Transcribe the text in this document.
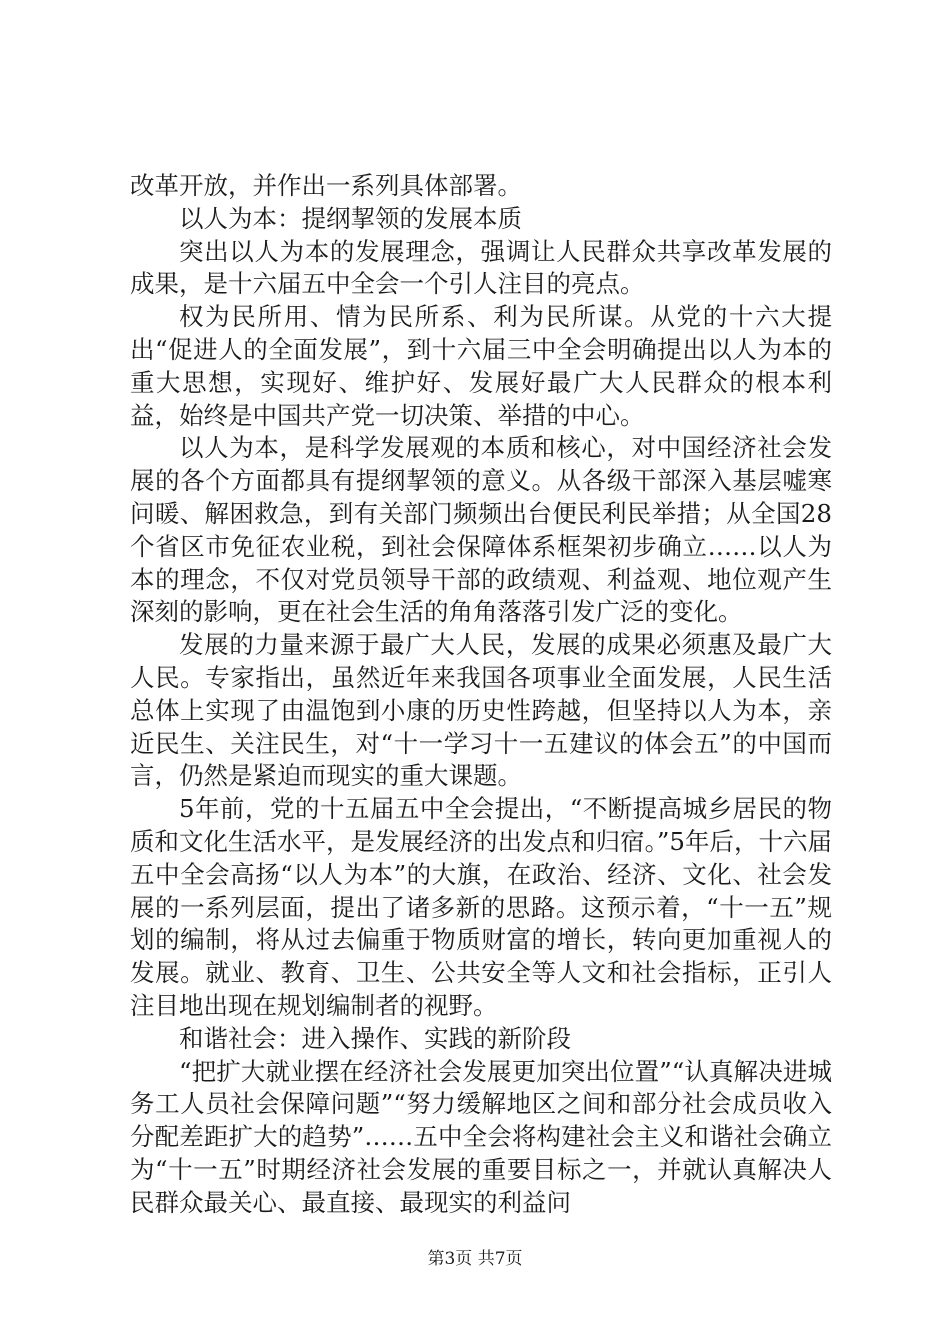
改革开放，并作出一系列具体部署。

以人为本：提纲挈领的发展本质

突出以人为本的发展理念，强调让人民群众共享改革发展的成果，是十六届五中全会一个引人注目的亮点。

权为民所用、情为民所系、利为民所谋。从党的十六大提出“促进人的全面发展”，到十六届三中全会明确提出以人为本的重大思想，实现好、维护好、发展好最广大人民群众的根本利益，始终是中国共产党一切决策、举措的中心。

以人为本，是科学发展观的本质和核心，对中国经济社会发展的各个方面都具有提纲挈领的意义。从各级干部深入基层嘘寒问暖、解困救急，到有关部门频频出台便民利民举措；从全国28个省区市免征农业税，到社会保障体系框架初步确立……以人为本的理念，不仅对党员领导干部的政绩观、利益观、地位观产生深刻的影响，更在社会生活的角角落落引发广泛的变化。

发展的力量来源于最广大人民，发展的成果必须惠及最广大人民。专家指出，虽然近年来我国各项事业全面发展，人民生活总体上实现了由温饱到小康的历史性跨越，但坚持以人为本，亲近民生、关注民生，对“十一学习十一五建议的体会五”的中国而言，仍然是紧迫而现实的重大课题。

5年前，党的十五届五中全会提出，“不断提高城乡居民的物质和文化生活水平，是发展经济的出发点和归宿。”5年后，十六届五中全会高扬“以人为本”的大旗，在政治、经济、文化、社会发展的一系列层面，提出了诸多新的思路。这预示着，“十一五”规划的编制，将从过去偏重于物质财富的增长，转向更加重视人的发展。就业、教育、卫生、公共安全等人文和社会指标，正引人注目地出现在规划编制者的视野。

和谐社会：进入操作、实践的新阶段

“把扩大就业摆在经济社会发展更加突出位置”“认真解决进城务工人员社会保障问题”“努力缓解地区之间和部分社会成员收入分配差距扩大的趋势”……五中全会将构建社会主义和谐社会确立为“十一五”时期经济社会发展的重要目标之一，并就认真解决人民群众最关心、最直接、最现实的利益问

第3页 共7页
